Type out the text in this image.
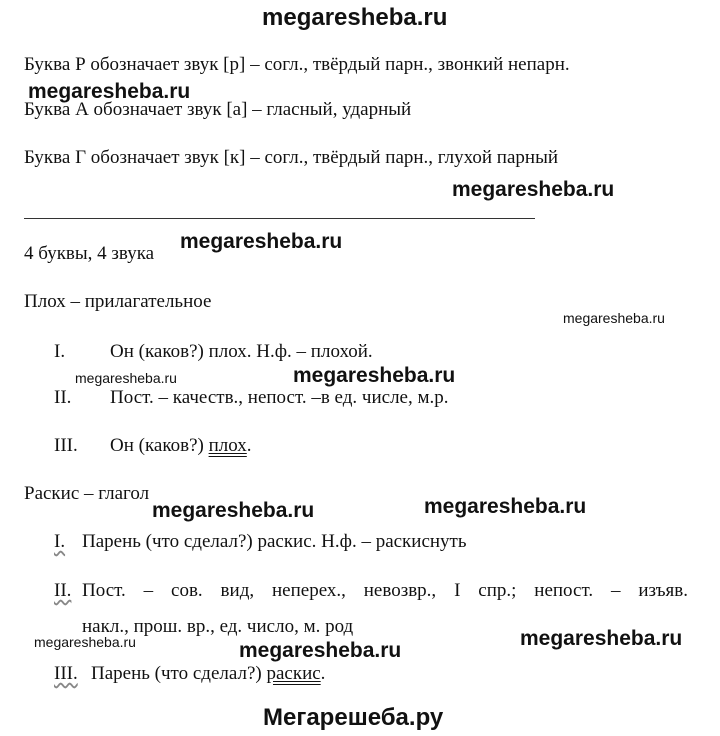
megaresheba.ru
megaresheba.ru
megaresheba.ru
megaresheba.ru
megaresheba.ru
megaresheba.ru	megaresheba.ru
megaresheba.ru	megaresheba.ru
megaresheba.ru	megaresheba.ru
megaresheba.ru
Мегарешеба.ру
Буква Р обозначает звук [р] – согл., твёрдый парн., звонкий непарн.
Буква А обозначает звук [а] – гласный, ударный
Буква Г обозначает звук [к] – согл., твёрдый парн., глухой парный
4 буквы, 4 звука
Плох – прилагательное
I. Он (каков?) плох. Н.ф. – плохой.
II. Пост. – качеств., непост. –в ед. числе, м.р.
III. Он (каков?) плох.
Раскис – глагол
I. Парень (что сделал?) раскис. Н.ф. – раскиснуть
II. Пост. – сов. вид, неперех., невозвр., I спр.; непост. – изъяв.
накл., прош. вр., ед. число, м. род
III. Парень (что сделал?) раскис.
